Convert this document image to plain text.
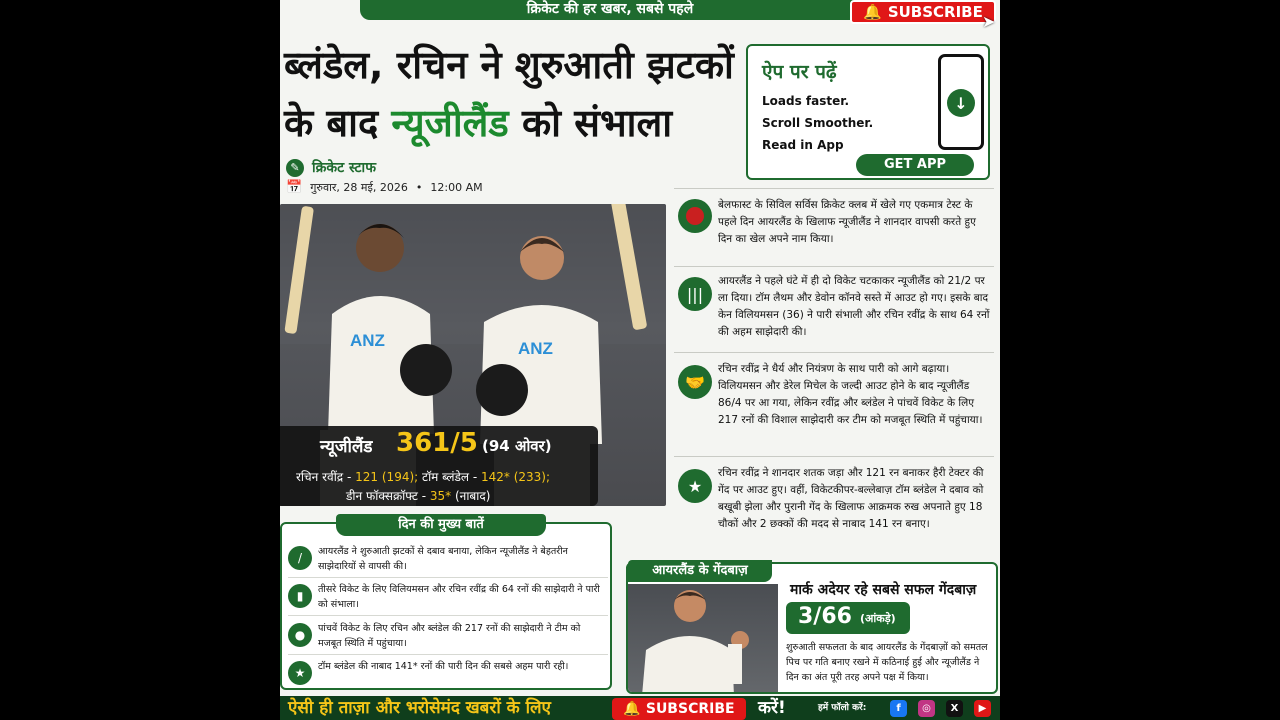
क्रिकेट की हर खबर, सबसे पहले	🔔 SUBSCRIBE ➤
ब्लंडेल, रचिन ने शुरुआती झटकों के बाद न्यूजीलैंड को संभाला
✎ क्रिकेट स्टाफ
📅 गुरुवार, 28 मई, 2026 • 12:00 AM
ऐप पर पढ़ें
Loads faster.
Scroll Smoother.
Read in App
↓
GET APP
ANZ	ANZ
न्यूजीलैंड 361/5 (94 ओवर)
रचिन रवींद्र - 121 (194); टॉम ब्लंडेल - 142* (233);
डीन फॉक्सक्रॉफ्ट - 35* (नाबाद)
बेलफास्ट के सिविल सर्विस क्रिकेट क्लब में खेले गए एकमात्र टेस्ट के पहले दिन आयरलैंड के खिलाफ न्यूजीलैंड ने शानदार वापसी करते हुए दिन का खेल अपने नाम किया।
|||
आयरलैंड ने पहले घंटे में ही दो विकेट चटकाकर न्यूजीलैंड को 21/2 पर ला दिया। टॉम लैथम और डेवोन कॉनवे सस्ते में आउट हो गए। इसके बाद केन विलियमसन (36) ने पारी संभाली और रचिन रवींद्र के साथ 64 रनों की अहम साझेदारी की।
🤝
रचिन रवींद्र ने धैर्य और नियंत्रण के साथ पारी को आगे बढ़ाया। विलियमसन और डेरेल मिचेल के जल्दी आउट होने के बाद न्यूजीलैंड 86/4 पर आ गया, लेकिन रवींद्र और ब्लंडेल ने पांचवें विकेट के लिए 217 रनों की विशाल साझेदारी कर टीम को मजबूत स्थिति में पहुंचाया।
★
रचिन रवींद्र ने शानदार शतक जड़ा और 121 रन बनाकर हैरी टेक्टर की गेंद पर आउट हुए। वहीं, विकेटकीपर-बल्लेबाज़ टॉम ब्लंडेल ने दबाव को बखूबी झेला और पुरानी गेंद के खिलाफ आक्रमक रुख अपनाते हुए 18 चौकों और 2 छक्कों की मदद से नाबाद 141 रन बनाए।
/	आयरलैंड ने शुरुआती झटकों से दबाव बनाया, लेकिन न्यूजीलैंड ने बेहतरीन साझेदारियों से वापसी की।
▮	तीसरे विकेट के लिए विलियमसन और रचिन रवींद्र की 64 रनों की साझेदारी ने पारी को संभाला।
●	पांचवें विकेट के लिए रचिन और ब्लंडेल की 217 रनों की साझेदारी ने टीम को मजबूत स्थिति में पहुंचाया।
★	टॉम ब्लंडेल की नाबाद 141* रनों की पारी दिन की सबसे अहम पारी रही।
दिन की मुख्य बातें
मार्क अदेयर रहे सबसे सफल गेंदबाज़
3/66 (आंकड़े)
शुरुआती सफलता के बाद आयरलैंड के गेंदबाज़ों को समतल पिच पर गति बनाए रखने में कठिनाई हुई और न्यूजीलैंड ने दिन का अंत पूरी तरह अपने पक्ष में किया।
आयरलैंड के गेंदबाज़
ऐसी ही ताज़ा और भरोसेमंद खबरों के लिए	🔔 SUBSCRIBE करें!	हमें फॉलो करें:	f	◎	X	▶
